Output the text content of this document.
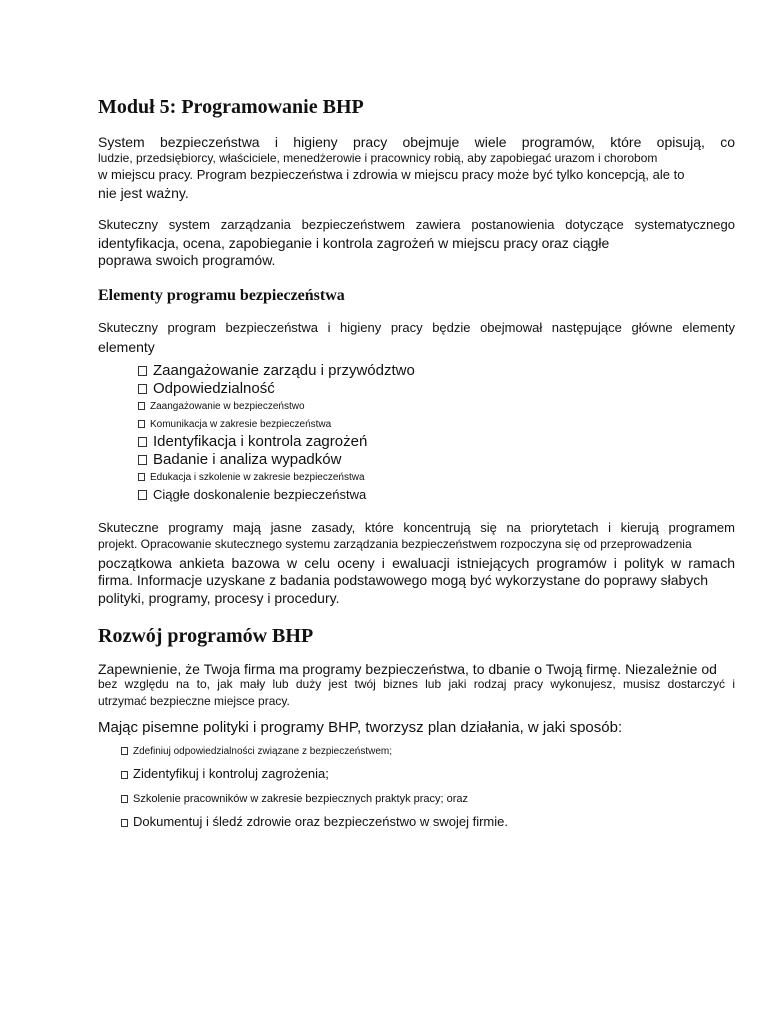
Moduł 5: Programowanie BHP

System bezpieczeństwa i higieny pracy obejmuje wiele programów, które opisują, co

ludzie, przedsiębiorcy, właściciele, menedżerowie i pracownicy robią, aby zapobiegać urazom i chorobom

w miejscu pracy. Program bezpieczeństwa i zdrowia w miejscu pracy może być tylko koncepcją, ale to

nie jest ważny.

Skuteczny system zarządzania bezpieczeństwem zawiera postanowienia dotyczące systematycznego

identyfikacja, ocena, zapobieganie i kontrola zagrożeń w miejscu pracy oraz ciągłe

poprawa swoich programów.

Elementy programu bezpieczeństwa

Skuteczny program bezpieczeństwa i higieny pracy będzie obejmował następujące główne elementy

elementy

Zaangażowanie zarządu i przywództwo

Odpowiedzialność

Zaangażowanie w bezpieczeństwo

Komunikacja w zakresie bezpieczeństwa

Identyfikacja i kontrola zagrożeń

Badanie i analiza wypadków

Edukacja i szkolenie w zakresie bezpieczeństwa

Ciągłe doskonalenie bezpieczeństwa

Skuteczne programy mają jasne zasady, które koncentrują się na priorytetach i kierują programem

projekt. Opracowanie skutecznego systemu zarządzania bezpieczeństwem rozpoczyna się od przeprowadzenia

początkowa ankieta bazowa w celu oceny i ewaluacji istniejących programów i polityk w ramach

firma. Informacje uzyskane z badania podstawowego mogą być wykorzystane do poprawy słabych

polityki, programy, procesy i procedury.

Rozwój programów BHP

Zapewnienie, że Twoja firma ma programy bezpieczeństwa, to dbanie o Twoją firmę. Niezależnie od

bez względu na to, jak mały lub duży jest twój biznes lub jaki rodzaj pracy wykonujesz, musisz dostarczyć i

utrzymać bezpieczne miejsce pracy.

Mając pisemne polityki i programy BHP, tworzysz plan działania, w jaki sposób:

Zdefiniuj odpowiedzialności związane z bezpieczeństwem;

Zidentyfikuj i kontroluj zagrożenia;

Szkolenie pracowników w zakresie bezpiecznych praktyk pracy; oraz

Dokumentuj i śledź zdrowie oraz bezpieczeństwo w swojej firmie.
